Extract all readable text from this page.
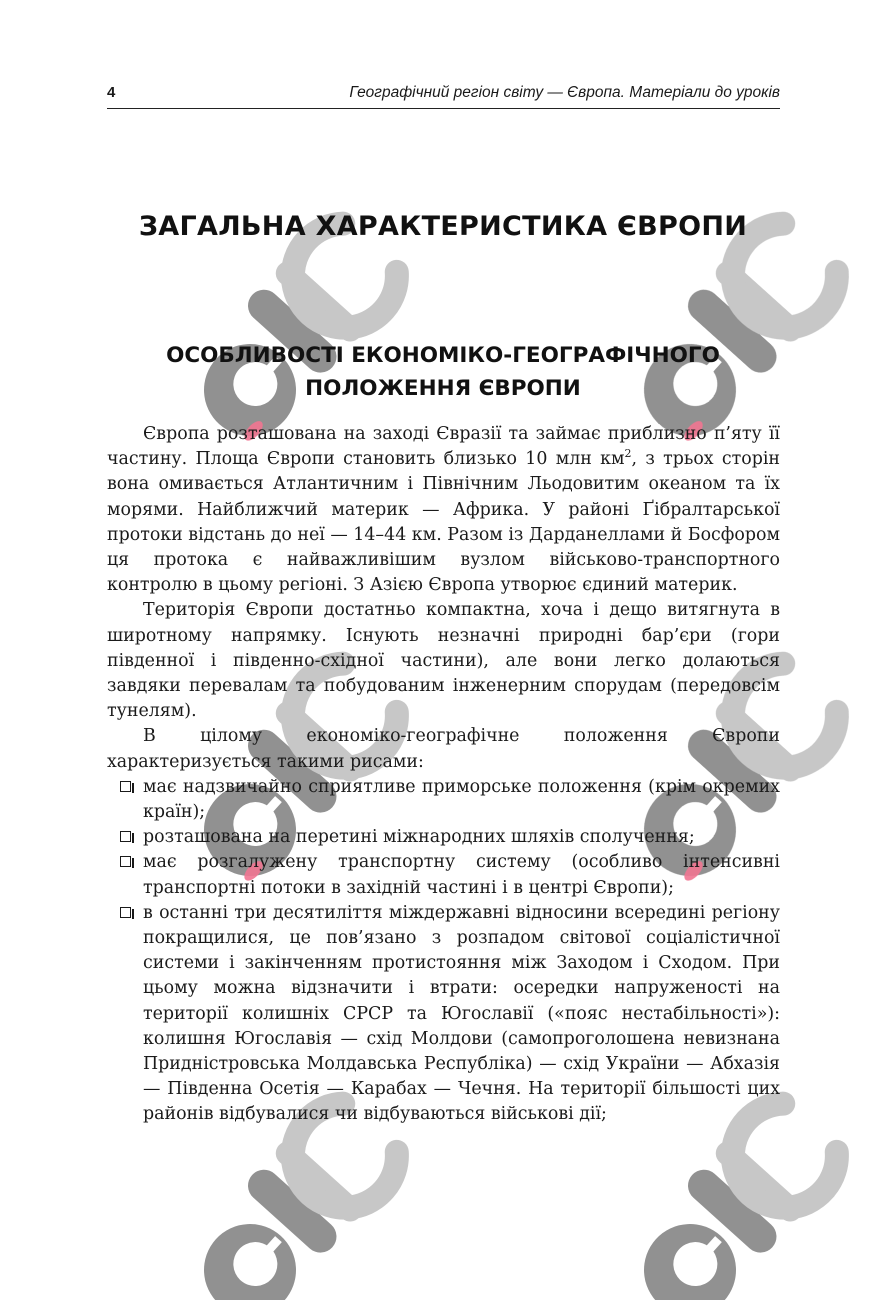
4	Географічний регіон світу — Європа. Матеріали до уроків
ЗАГАЛЬНА ХАРАКТЕРИСТИКА ЄВРОПИ
ОСОБЛИВОСТІ ЕКОНОМІКО-ГЕОГРАФІЧНОГО
ПОЛОЖЕННЯ ЄВРОПИ

Європа розташована на заході Євразії та займає приблизно п’яту її частину. Площа Європи становить близько 10 млн $км^2$, з трьох сторін вона омивається Атлантичним і Північним Льодовитим океаном та їх морями. Найближчий материк — Африка. У районі Ґібралтарської протоки відстань до неї — 14–44 км. Разом із Дарданеллами й Босфором ця протока є найважливішим вузлом військово-транспортного контролю в цьому регіоні. З Азією Європа утворює єдиний материк.

Територія Європи достатньо компактна, хоча і дещо витягнута в широтному напрямку. Існують незначні природні бар’єри (гори південної і південно-східної частини), але вони легко долаються завдяки перевалам та побудованим інженерним спорудам (передовсім тунелям).

В цілому економіко-географічне положення Європи характеризується такими рисами:

має надзвичайно сприятливе приморське положення (крім окремих країн);
розташована на перетині міжнародних шляхів сполучення;
має розгалужену транспортну систему (особливо інтенсивні транспортні потоки в західній частині і в центрі Європи);
в останні три десятиліття міждержавні відносини всередині регіону покращилися, це пов’язано з розпадом світової соціалістичної системи і закінченням протистояння між Заходом і Сходом. При цьому можна відзначити і втрати: осередки напруженості на території колишніх СРСР та Югославії («пояс нестабільності»): колишня Югославія — схід Молдови (самопроголошена невизнана Придністровська Молдавська Республіка) — схід України — Абхазія — Південна Осетія — Карабах — Чечня. На території більшості цих районів відбувалися чи відбуваються військові дії;
